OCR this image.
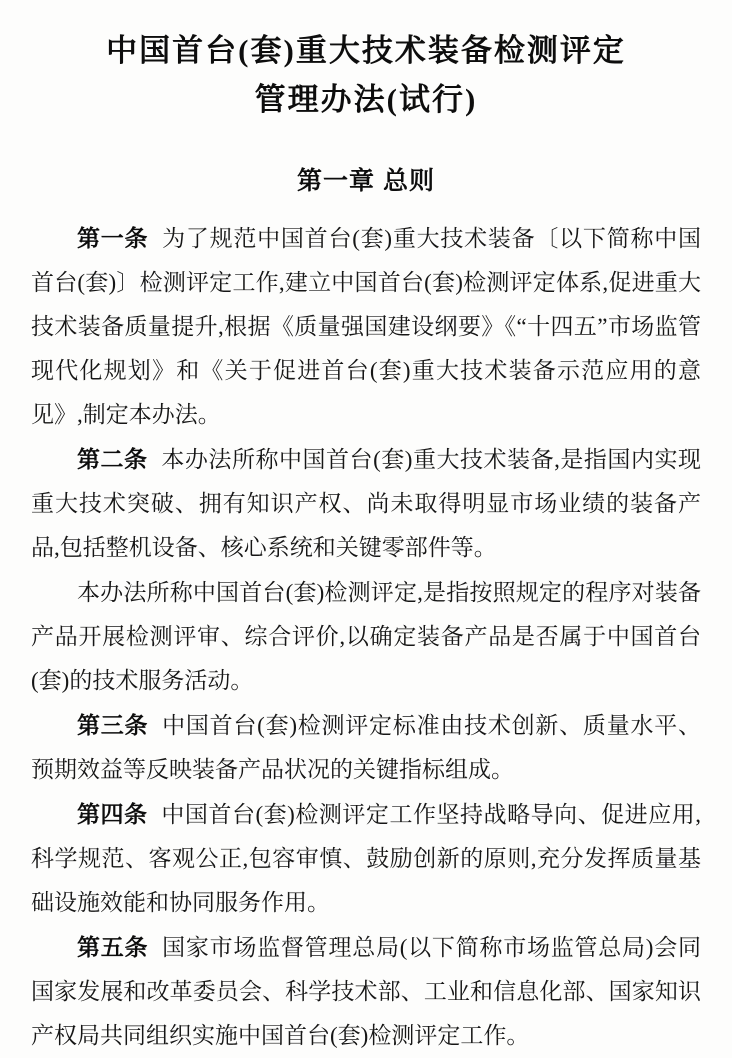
中国首台(套)重大技术装备检测评定
管理办法(试行)
第一章 总则

第一条 为了规范中国首台(套)重大技术装备〔以下简称中国首台(套)〕检测评定工作,建立中国首台(套)检测评定体系,促进重大技术装备质量提升,根据《质量强国建设纲要》《“十四五”市场监管现代化规划》和《关于促进首台(套)重大技术装备示范应用的意见》,制定本办法。

第二条 本办法所称中国首台(套)重大技术装备,是指国内实现重大技术突破、拥有知识产权、尚未取得明显市场业绩的装备产品,包括整机设备、核心系统和关键零部件等。

本办法所称中国首台(套)检测评定,是指按照规定的程序对装备产品开展检测评审、综合评价,以确定装备产品是否属于中国首台(套)的技术服务活动。

第三条 中国首台(套)检测评定标准由技术创新、质量水平、预期效益等反映装备产品状况的关键指标组成。

第四条 中国首台(套)检测评定工作坚持战略导向、促进应用,科学规范、客观公正,包容审慎、鼓励创新的原则,充分发挥质量基础设施效能和协同服务作用。

第五条 国家市场监督管理总局(以下简称市场监管总局)会同国家发展和改革委员会、科学技术部、工业和信息化部、国家知识产权局共同组织实施中国首台(套)检测评定工作。
